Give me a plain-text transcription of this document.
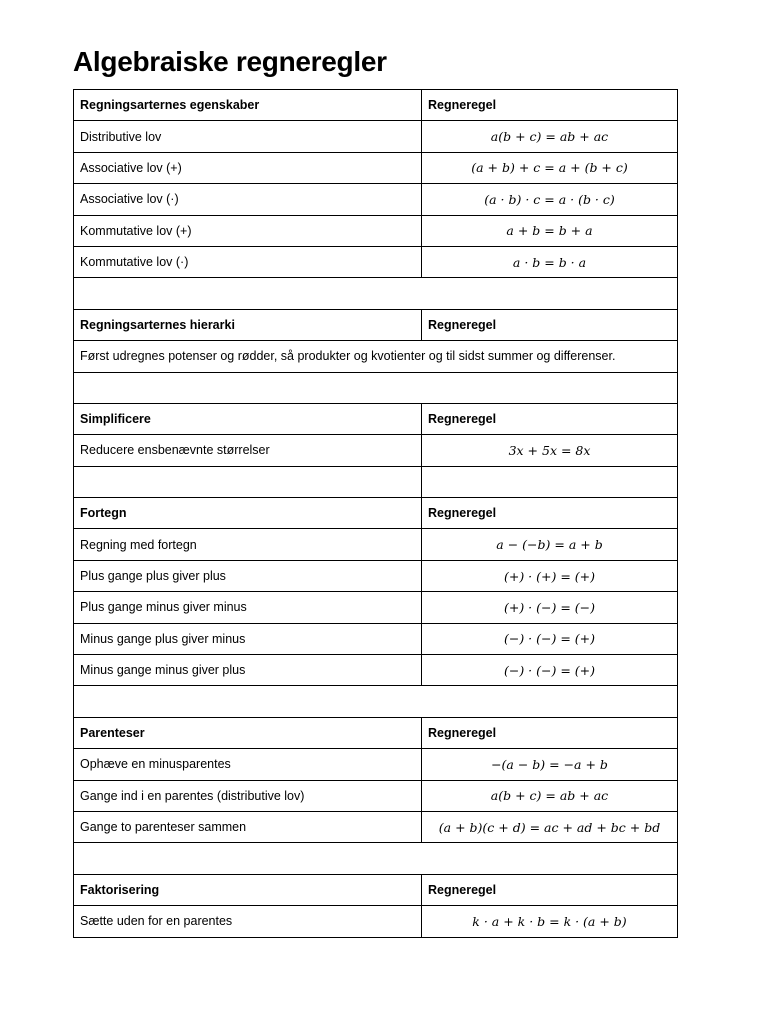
Algebraiske regneregler
Regningsarternes egenskaber	Regneregel
Distributive lov	a(b + c) = ab + ac
Associative lov (+)	(a + b) + c = a + (b + c)
Associative lov (·)	(a · b) · c = a · (b · c)
Kommutative lov (+)	a + b = b + a
Kommutative lov (·)	a · b = b · a

Regningsarternes hierarki	Regneregel
Først udregnes potenser og rødder, så produkter og kvotienter og til sidst summer og differenser.	

Simplificere	Regneregel
Reducere ensbenævnte størrelser	3x + 5x = 8x

Fortegn	Regneregel
Regning med fortegn	a − (−b) = a + b
Plus gange plus giver plus	(+) · (+) = (+)
Plus gange minus giver minus	(+) · (−) = (−)
Minus gange plus giver minus	(−) · (−) = (+)
Minus gange minus giver plus	(−) · (−) = (+)

Parenteser	Regneregel
Ophæve en minusparentes	−(a − b) = −a + b
Gange ind i en parentes (distributive lov)	a(b + c) = ab + ac
Gange to parenteser sammen	(a + b)(c + d) = ac + ad + bc + bd

Faktorisering	Regneregel
Sætte uden for en parentes	k · a + k · b = k · (a + b)
